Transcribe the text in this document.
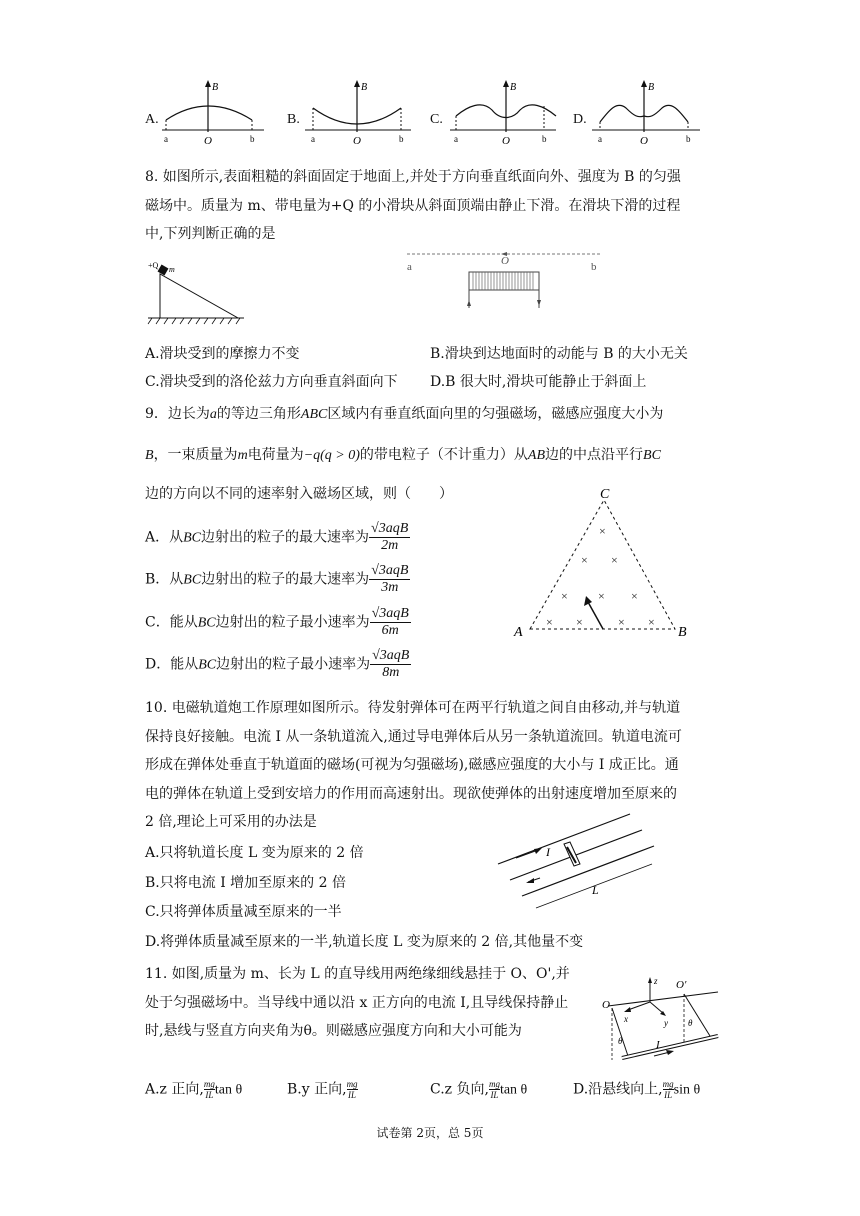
A.
B
a	O	b
B.
B
a	O	b
C.
B
a	O	b
D.
B
a	O	b
8. 如图所示,表面粗糙的斜面固定于地面上,并处于方向垂直纸面向外、强度为 B 的匀强
磁场中。质量为 m、带电量为+Q 的小滑块从斜面顶端由静止下滑。在滑块下滑的过程
中,下列判断正确的是
+Q m	a	O	b
A.滑块受到的摩擦力不变	B.滑块到达地面时的动能与 B 的大小无关
C.滑块受到的洛伦兹力方向垂直斜面向下 D.B 很大时,滑块可能静止于斜面上
9．边长为a的等边三角形ABC区域内有垂直纸面向里的匀强磁场，磁感应强度大小为
B，一束质量为m电荷量为−q(q > 0)的带电粒子（不计重力）从AB边的中点沿平行BC
边的方向以不同的速率射入磁场区域，则（　　）
A．从BC边射出的粒子的最大速率为 $\frac{\text{√3aqB}}{2m}$
B．从BC边射出的粒子的最大速率为 $\frac{\text{√3aqB}}{3m}$
C．能从BC边射出的粒子最小速率为 $\frac{\text{√3aqB}}{6m}$
D．能从BC边射出的粒子最小速率为 $\frac{\text{√3aqB}}{8m}$
C
A	B
×
× ×
×	× ×
× ×	× ×
10. 电磁轨道炮工作原理如图所示。待发射弹体可在两平行轨道之间自由移动,并与轨道
保持良好接触。电流 I 从一条轨道流入,通过导电弹体后从另一条轨道流回。轨道电流可
形成在弹体处垂直于轨道面的磁场(可视为匀强磁场),磁感应强度的大小与 I 成正比。通
电的弹体在轨道上受到安培力的作用而高速射出。现欲使弹体的出射速度增加至原来的
2 倍,理论上可采用的办法是
A.只将轨道长度 L 变为原来的 2 倍
B.只将电流 I 增加至原来的 2 倍
C.只将弹体质量减至原来的一半
D.将弹体质量减至原来的一半,轨道长度 L 变为原来的 2 倍,其他量不变
I
L
11. 如图,质量为 m、长为 L 的直导线用两绝缘细线悬挂于 O、O',并
处于匀强磁场中。当导线中通以沿 x 正方向的电流 I,且导线保持静止
时,悬线与竖直方向夹角为θ。则磁感应强度方向和大小可能为
z
x	y
O
O′
θ
θ
I
A.z 正向, $\frac{mg}{IL}$ tan θ	B.y 正向, $\frac{mg}{IL}$	C.z 负向, $\frac{mg}{IL}$ tan θ	D.沿悬线向上, $\frac{mg}{IL}$ sin θ
试卷第 2页，总 5页
